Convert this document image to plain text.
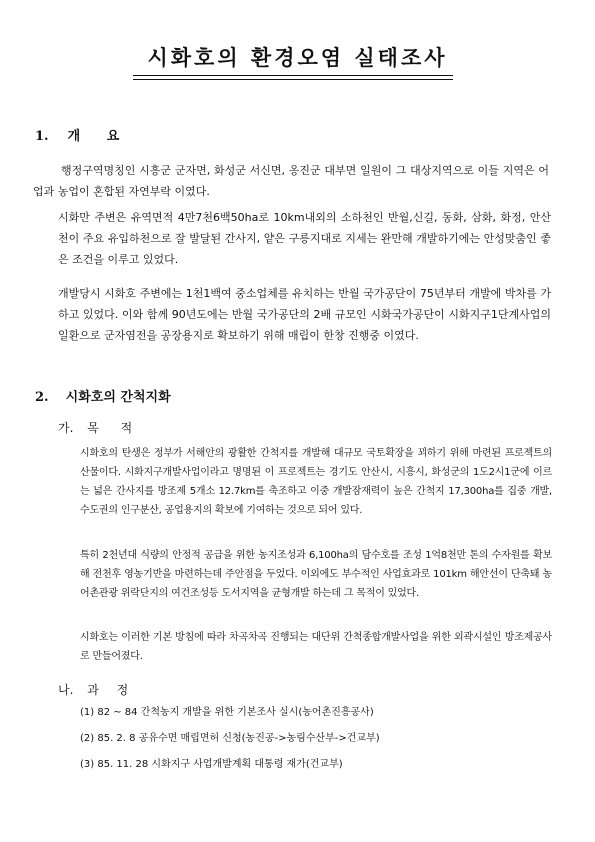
시화호의 환경오염 실태조사
1. 개 요

행정구역명칭인 시흥군 군자면, 화성군 서신면, 옹진군 대부면 일원이 그 대상지역으로 이들 지역은 어업과 농업이 혼합된 자연부락 이였다.

시화만 주변은 유역면적 4만7천6백50ha로 10km내외의 소하천인 반월,신길, 동화, 삼화, 화정, 안산천이 주요 유입하천으로 잘 발달된 간사지, 얕은 구릉지대로 지세는 완만해 개발하기에는 안성맞춤인 좋은 조건을 이루고 있었다.

개발당시 시화호 주변에는 1천1백여 중소업체를 유치하는 반월 국가공단이 75년부터 개발에 박차를 가하고 있었다. 이와 함께 90년도에는 반월 국가공단의 2배 규모인 시화국가공단이 시화지구1단계사업의 일환으로 군자염전을 공장용지로 확보하기 위해 매립이 한창 진행중 이였다.

2. 시화호의 간척지화
가. 목 적

시화호의 탄생은 정부가 서해안의 광활한 간척지를 개발해 대규모 국토확장을 꾀하기 위해 마련된 프로젝트의 산물이다. 시화지구개발사업이라고 명명된 이 프로젝트는 경기도 안산시, 시흥시, 화성군의 1도2시1군에 이르는 넓은 간사지를 방조제 5개소 12.7km를 축조하고 이중 개발잠재력이 높은 간척지 17,300ha를 집중 개발, 수도권의 인구분산, 공업용지의 확보에 기여하는 것으로 되어 있다.

특히 2천년대 식량의 안정적 공급을 위한 농지조성과 6,100ha의 담수호를 조성 1억8천만 톤의 수자원를 확보해 전천후 영농기반을 마련하는데 주안점을 두었다. 이외에도 부수적인 사업효과로 101km 해안선이 단축돼 농어촌관광 위락단지의 여건조성등 도서지역을 균형개발 하는데 그 목적이 있었다.

시화호는 이러한 기본 방침에 따라 차곡차곡 진행되는 대단위 간척종합개발사업을 위한 외곽시설인 방조제공사로 만들어졌다.

나. 과 정

(1) 82 ~ 84 간척농지 개발을 위한 기본조사 실시(농어촌진흥공사)

(2) 85. 2. 8 공유수면 매립면허 신청(농진공->농림수산부->건교부)

(3) 85. 11. 28 시화지구 사업개발계획 대통령 재가(건교부)
